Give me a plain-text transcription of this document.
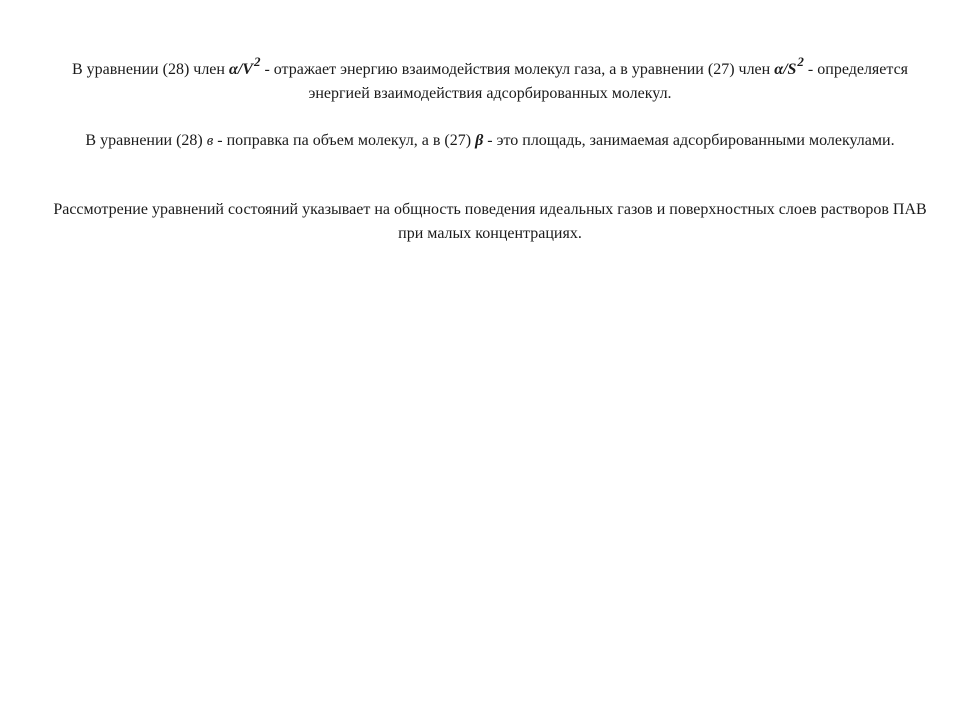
В уравнении (28) член $\alpha/V^2$ - отражает энергию взаимодействия молекул газа, а в уравнении (27) член $\alpha/S^2$ - определяется энергией взаимодействия адсорбированных молекул.

В уравнении (28) в - поправка па объем молекул, а в (27) β - это площадь, занимаемая адсорбированными молекулами.

Рассмотрение уравнений состояний указывает на общность поведения идеальных газов и поверхностных слоев растворов ПАВ при малых концентрациях.
